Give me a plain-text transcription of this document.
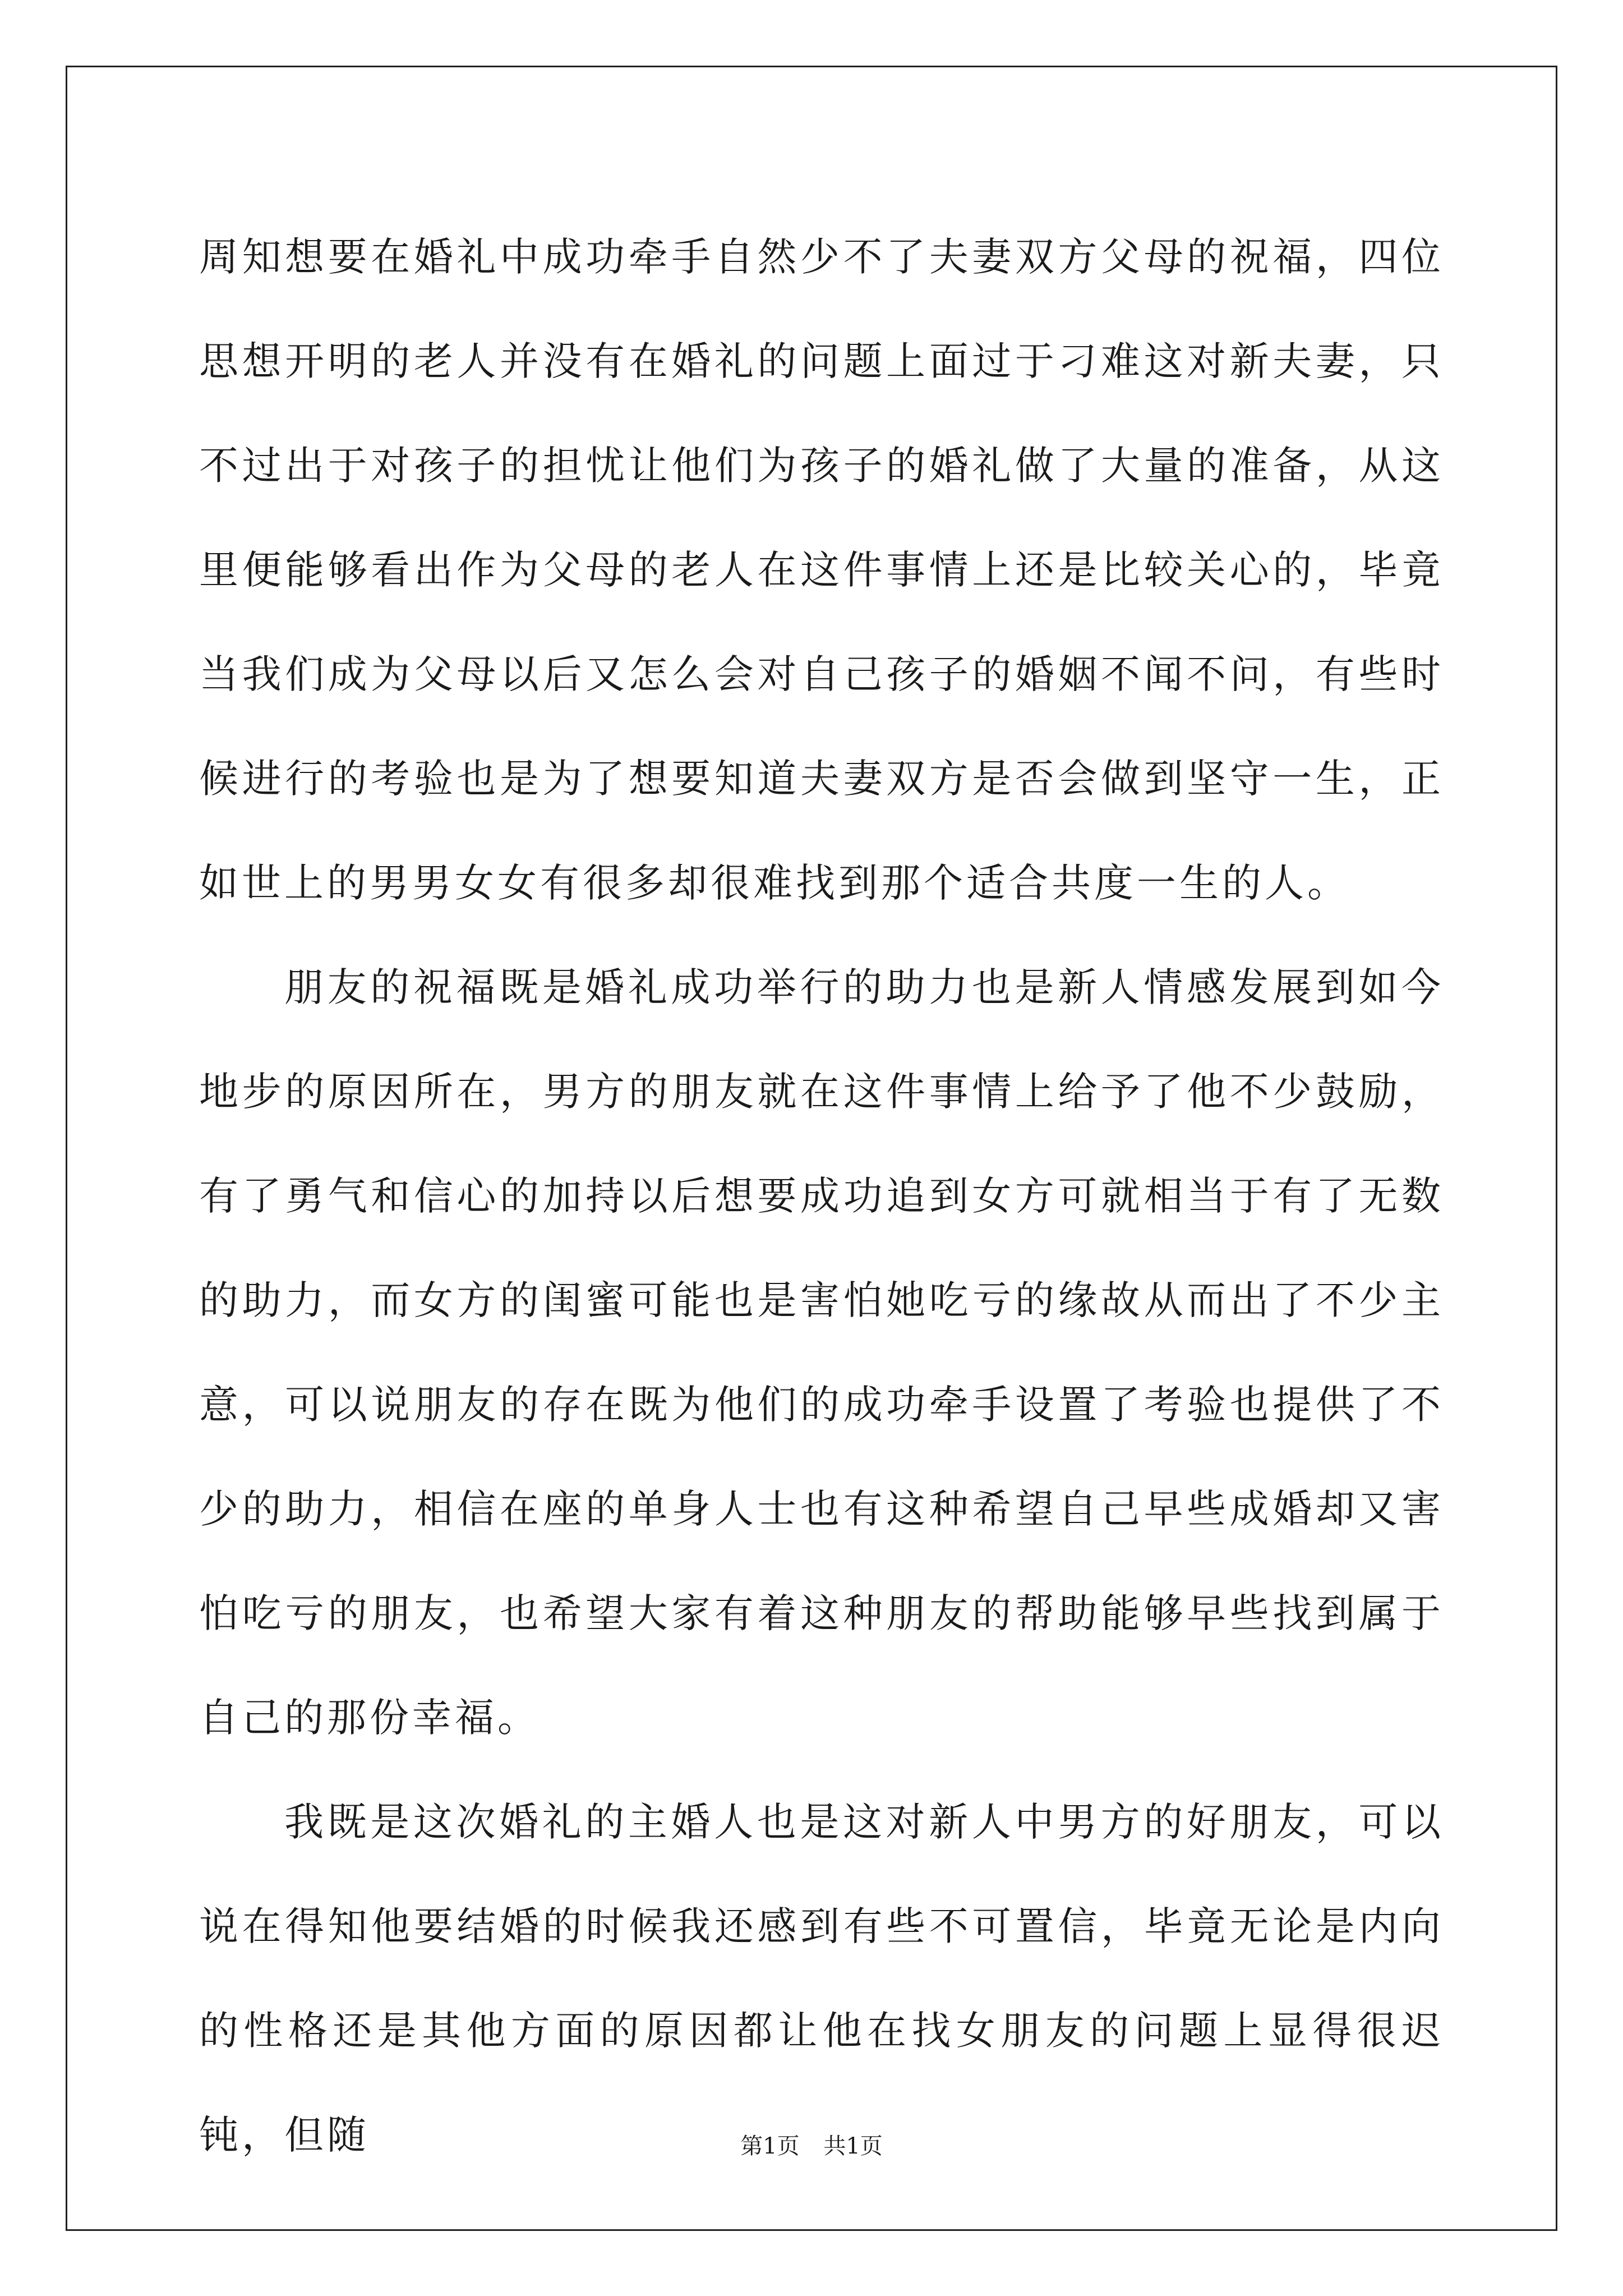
周知想要在婚礼中成功牵手自然少不了夫妻双方父母的祝福，四位思想开明的老人并没有在婚礼的问题上面过于刁难这对新夫妻，只不过出于对孩子的担忧让他们为孩子的婚礼做了大量的准备，从这里便能够看出作为父母的老人在这件事情上还是比较关心的，毕竟当我们成为父母以后又怎么会对自己孩子的婚姻不闻不问，有些时候进行的考验也是为了想要知道夫妻双方是否会做到坚守一生，正如世上的男男女女有很多却很难找到那个适合共度一生的人。

朋友的祝福既是婚礼成功举行的助力也是新人情感发展到如今地步的原因所在，男方的朋友就在这件事情上给予了他不少鼓励，有了勇气和信心的加持以后想要成功追到女方可就相当于有了无数的助力，而女方的闺蜜可能也是害怕她吃亏的缘故从而出了不少主意，可以说朋友的存在既为他们的成功牵手设置了考验也提供了不少的助力，相信在座的单身人士也有这种希望自己早些成婚却又害怕吃亏的朋友，也希望大家有着这种朋友的帮助能够早些找到属于自己的那份幸福。

我既是这次婚礼的主婚人也是这对新人中男方的好朋友，可以说在得知他要结婚的时候我还感到有些不可置信，毕竟无论是内向的性格还是其他方面的原因都让他在找女朋友的问题上显得很迟钝，但随	第1页 共1页
